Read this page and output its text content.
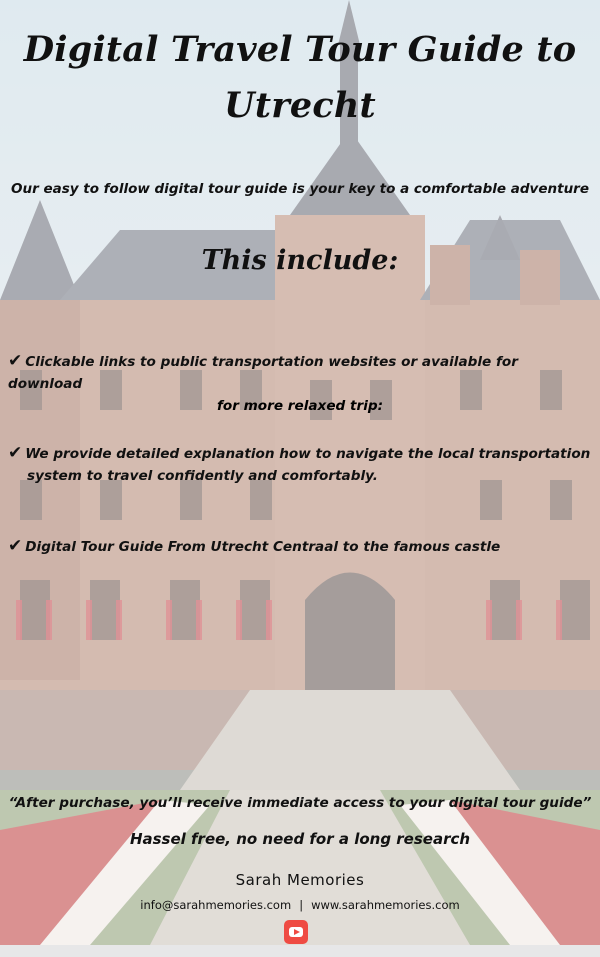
Digital Travel Tour Guide to
Utrecht
Our easy to follow digital tour guide is your key to a comfortable adventure
This include:
✔ Clickable links to public transportation websites or available for download
for more relaxed trip:
✔ We provide detailed explanation how to navigate the local transportation
system to travel confidently and comfortably.
✔ Digital Tour Guide From Utrecht Centraal to the famous castle
“After purchase, you’ll receive immediate access to your digital tour guide”
Hassel free, no need for a long research
Sarah Memories
info@sarahmemories.com | www.sarahmemories.com
